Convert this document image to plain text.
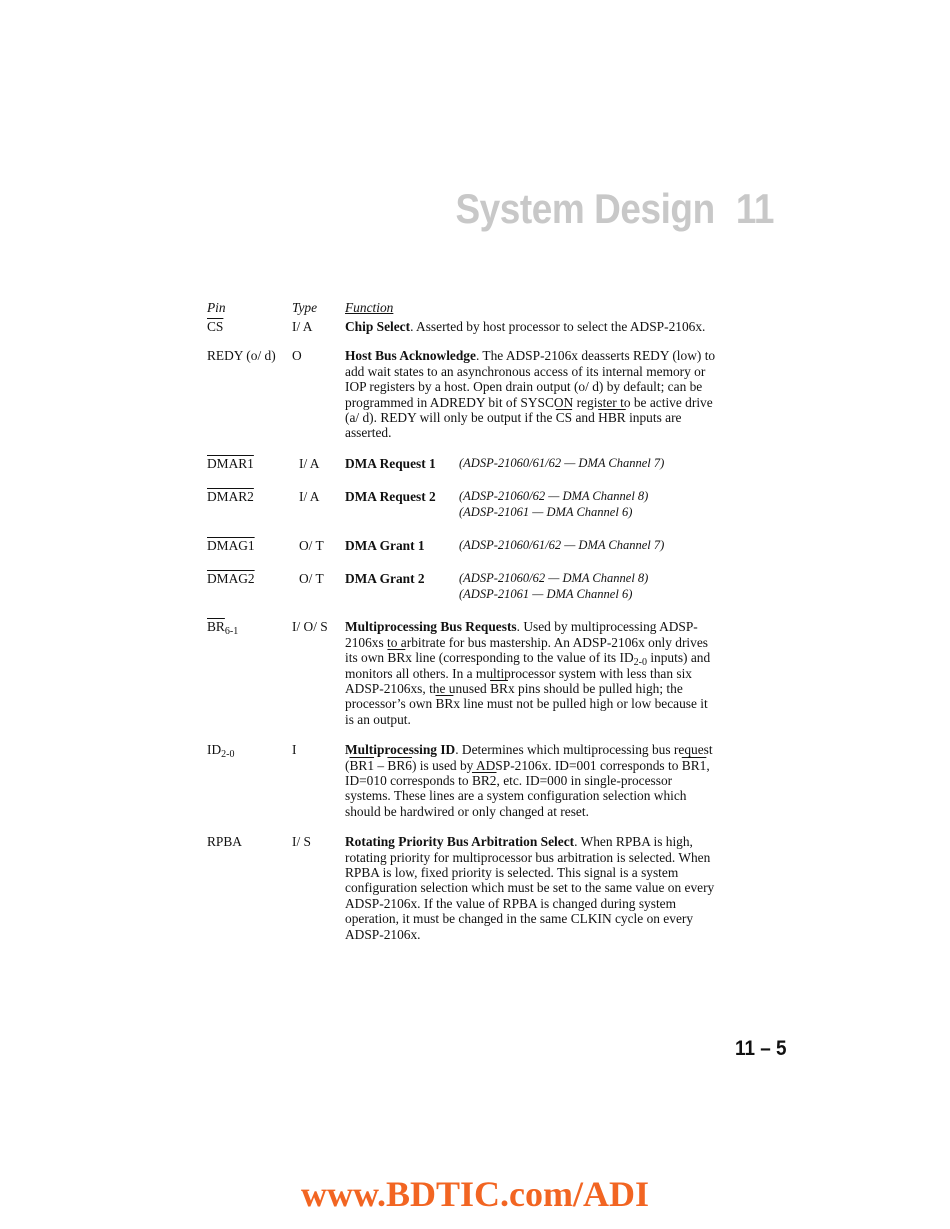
System Design 11
Pin	Type Function
$\overline{CS}$	I/ A Chip Select. Asserted by host processor to select the ADSP-2106x.
REDY (o/ d) O	Host Bus Acknowledge. The ADSP-2106x deasserts REDY (low) to add wait states to an asynchronous access of its internal memory or IOP registers by a host. Open drain output (o/ d) by default; can be programmed in ADREDY bit of SYSCON register to be active drive (a/ d). REDY will only be output if the $\overline{CS}$ and $\overline{HBR}$ inputs are asserted.
DMAR1	I/ A DMA Request 1 (ADSP-21060/61/62 — DMA Channel 7)
DMAR2	I/ A DMA Request 2 (ADSP-21060/62 — DMA Channel 8)
(ADSP-21061 — DMA Channel 6)
DMAG1	O/ T DMA Grant 1	(ADSP-21060/61/62 — DMA Channel 7)
DMAG2	O/ T DMA Grant 2	(ADSP-21060/62 — DMA Channel 8)
(ADSP-21061 — DMA Channel 6)
$\overline{BR}_{6-1}$	I/ O/ S Multiprocessing Bus Requests. Used by multiprocessing ADSP-2106xs to arbitrate for bus mastership. An ADSP-2106x only drives its own $\overline{BR}x$ line (corresponding to the value of its $ID_{2-0}$ inputs) and monitors all others. In a multiprocessor system with less than six ADSP-2106xs, the unused $\overline{BR}x$ pins should be pulled high; the processor’s own $\overline{BR}x$ line must not be pulled high or low because it is an output.
$ID_{2-0}$	I	Multiprocessing ID. Determines which multiprocessing bus request (BR1 – BR6) is used by ADSP-2106x. ID=001 corresponds to BR1, ID=010 corresponds to BR2, etc. ID=000 in single-processor systems. These lines are a system configuration selection which should be hardwired or only changed at reset.
RPBA	I/ S	Rotating Priority Bus Arbitration Select. When RPBA is high, rotating priority for multiprocessor bus arbitration is selected. When RPBA is low, fixed priority is selected. This signal is a system configuration selection which must be set to the same value on every ADSP-2106x. If the value of RPBA is changed during system operation, it must be changed in the same CLKIN cycle on every ADSP-2106x.
11 – 5
www.BDTIC.com/ADI
